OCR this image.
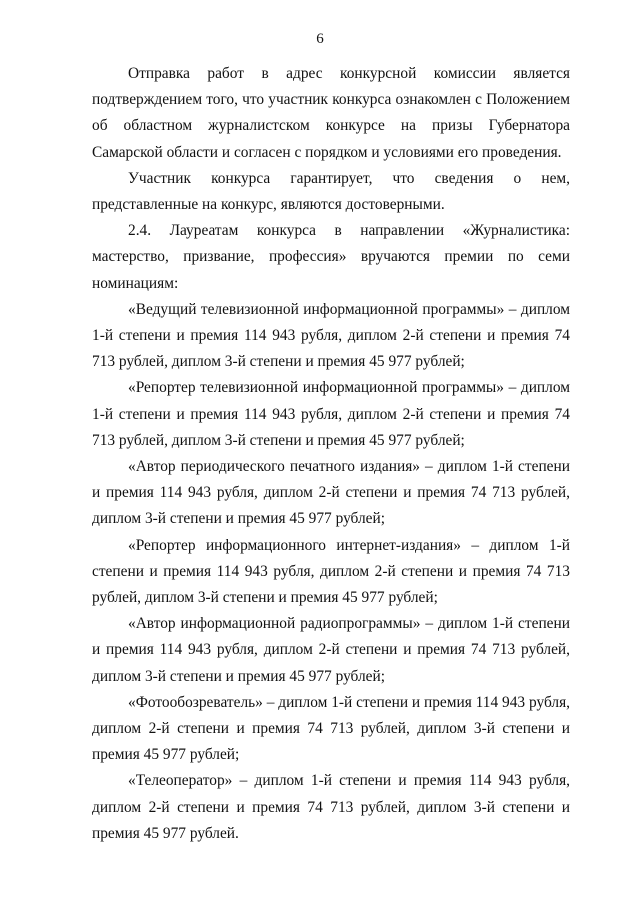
6

Отправка работ в адрес конкурсной комиссии является подтверждением того, что участник конкурса ознакомлен с Положением об областном журналистском конкурсе на призы Губернатора Самарской области и согласен с порядком и условиями его проведения.

Участник конкурса гарантирует, что сведения о нем, представленные на конкурс, являются достоверными.

2.4. Лауреатам конкурса в направлении «Журналистика: мастерство, призвание, профессия» вручаются премии по семи номинациям:

«Ведущий телевизионной информационной программы» – диплом 1-й степени и премия 114 943 рубля, диплом 2-й степени и премия 74 713 рублей, диплом 3-й степени и премия 45 977 рублей;

«Репортер телевизионной информационной программы» – диплом 1-й степени и премия 114 943 рубля, диплом 2-й степени и премия 74 713 рублей, диплом 3-й степени и премия 45 977 рублей;

«Автор периодического печатного издания» – диплом 1-й степени и премия 114 943 рубля, диплом 2-й степени и премия 74 713 рублей, диплом 3-й степени и премия 45 977 рублей;

«Репортер информационного интернет-издания» – диплом 1-й степени и премия 114 943 рубля, диплом 2-й степени и премия 74 713 рублей, диплом 3-й степени и премия 45 977 рублей;

«Автор информационной радиопрограммы» – диплом 1-й степени и премия 114 943 рубля, диплом 2-й степени и премия 74 713 рублей, диплом 3-й степени и премия 45 977 рублей;

«Фотообозреватель» – диплом 1-й степени и премия 114 943 рубля, диплом 2-й степени и премия 74 713 рублей, диплом 3-й степени и премия 45 977 рублей;

«Телеоператор» – диплом 1-й степени и премия 114 943 рубля, диплом 2-й степени и премия 74 713 рублей, диплом 3-й степени и премия 45 977 рублей.
